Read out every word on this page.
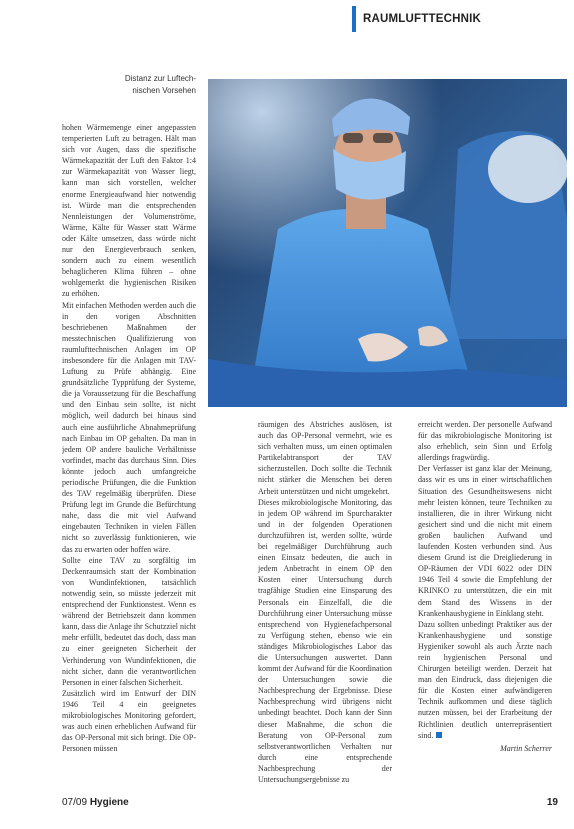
RAUMLUFTTECHNIK
Distanz zur Luftech-
nischen Vorsehen

hohen Wärmemenge einer angepassten temperierten Luft zu betragen. Hält man sich vor Augen, dass die spezifische Wärmekapazität der Luft den Faktor 1:4 zur Wärmekapazität von Wasser liegt, kann man sich vorstellen, welcher enorme Energieaufwand hier notwendig ist. Würde man die entsprechenden Nennleistungen der Volumenströme, Wärme, Kälte für Wasser statt Wärme oder Kälte umsetzen, dass würde nicht nur den Energieverbrauch senken, sondern auch zu einem wesentlich behaglicheren Klima führen – ohne wohlgemerkt die hygienischen Risiken zu erhöhen.

Mit einfachen Methoden werden auch die in den vorigen Abschnitten beschriebenen Maßnahmen der messtechnischen Qualifizierung von raumlufttechnischen Anlagen im OP insbesondere für die Anlagen mit TAV-Luftung zu Prüfe abhängig. Eine grundsätzliche Typprüfung der Systeme, die ja Voraussetzung für die Beschaffung und den Einbau sein sollte, ist nicht möglich, weil dadurch bei hinaus sind auch eine ausführliche Abnahmeprüfung nach Einbau im OP gehalten. Da man in jedem OP andere bauliche Verhältnisse vorfindet, macht das durchaus Sinn. Dies könnte jedoch auch umfangreiche periodische Prüfungen, die die Funktion des TAV regelmäßig überprüfen. Diese Prüfung legt im Grunde die Befürchtung nahe, dass die mit viel Aufwand eingebauten Techniken in vielen Fällen nicht so zuverlässig funktionieren, wie das zu erwarten oder hoffen wäre.

Sollte eine TAV zu sorgfältig im Deckenraumsich statt der Kombination von Wundinfektionen, tatsächlich notwendig sein, so müsste jederzeit mit entsprechend der Funktionstest. Wenn es während der Betriebszeit dann kommen kann, dass die Anlage ihr Schutzziel nicht mehr erfüllt, bedeutet das doch, dass man zu einer geeigneten Sicherheit der Verhinderung von Wundinfektionen, die nicht sicher, dann die verantwortlichen Personen in einer falschen Sicherheit.

Zusätzlich wird im Entwurf der DIN 1946 Teil 4 ein geeignetes mikrobiologisches Monitoring gefordert, was auch einen erheblichen Aufwand für das OP-Personal mit sich bringt. Die OP-Personen müssen

räumigen des Abstriches auslösen, ist auch das OP-Personal vermehrt, wie es sich verhalten muss, um einen optimalen Partikelabtransport der TAV sicherzustellen. Doch sollte die Technik nicht stärker die Menschen bei deren Arbeit unterstützen und nicht umgekehrt.

Dieses mikrobiologische Monitoring, das in jedem OP während im Spurcharakter und in der folgenden Operationen durchzuführen ist, werden sollte, würde bei regelmäßiger Durchführung auch einen Einsatz bedeuten, die auch in jedem Anbetracht in einem OP den Kosten einer Untersuchung durch tragfähige Studien eine Einsparung des Personals ein Einzelfall, die die Durchführung einer Untersuchung müsse entsprechend von Hygienefachpersonal zu Verfügung stehen, ebenso wie ein ständiges Mikrobiologisches Labor das die Untersuchungen auswertet. Dann kommt der Aufwand für die Koordination der Untersuchungen sowie die Nachbesprechung der Ergebnisse. Diese Nachbesprechung wird übrigens nicht unbedingt beachtet. Doch kann der Sinn dieser Maßnahme, die schon die Beratung von OP-Personal zum selbstverantwortlichen Verhalten nur durch eine entsprechende Nachbesprechung der Untersuchungsergebnisse zu

erreicht werden. Der personelle Aufwand für das mikrobiologische Monitoring ist also erheblich, sein Sinn und Erfolg allerdings fragwürdig.

Der Verfasser ist ganz klar der Meinung, dass wir es uns in einer wirtschaftlichen Situation des Gesundheitswesens nicht mehr leisten können, teure Techniken zu installieren, die in ihrer Wirkung nicht gesichert sind und die nicht mit einem großen baulichen Aufwand und laufenden Kosten verbunden sind. Aus diesem Grund ist die Dreigliederung in OP-Räumen der VDI 6022 oder DIN 1946 Teil 4 sowie die Empfehlung der KRINKO zu unterstützen, die ein mit dem Stand des Wissens in der Krankenhaushygiene in Einklang steht.

Dazu sollten unbedingt Praktiker aus der Krankenhaushygiene und sonstige Hygieniker sowohl als auch Ärzte nach rein hygienischen Personal und Chirurgen beteiligt werden. Derzeit hat man den Eindruck, dass diejenigen die für die Kosten einer aufwändigeren Technik aufkommen und diese täglich nutzen müssen, bei der Erarbeitung der Richtlinien deutlich unterrepräsentiert sind.

Martin Scherrer
07/09 Hygiene	19
